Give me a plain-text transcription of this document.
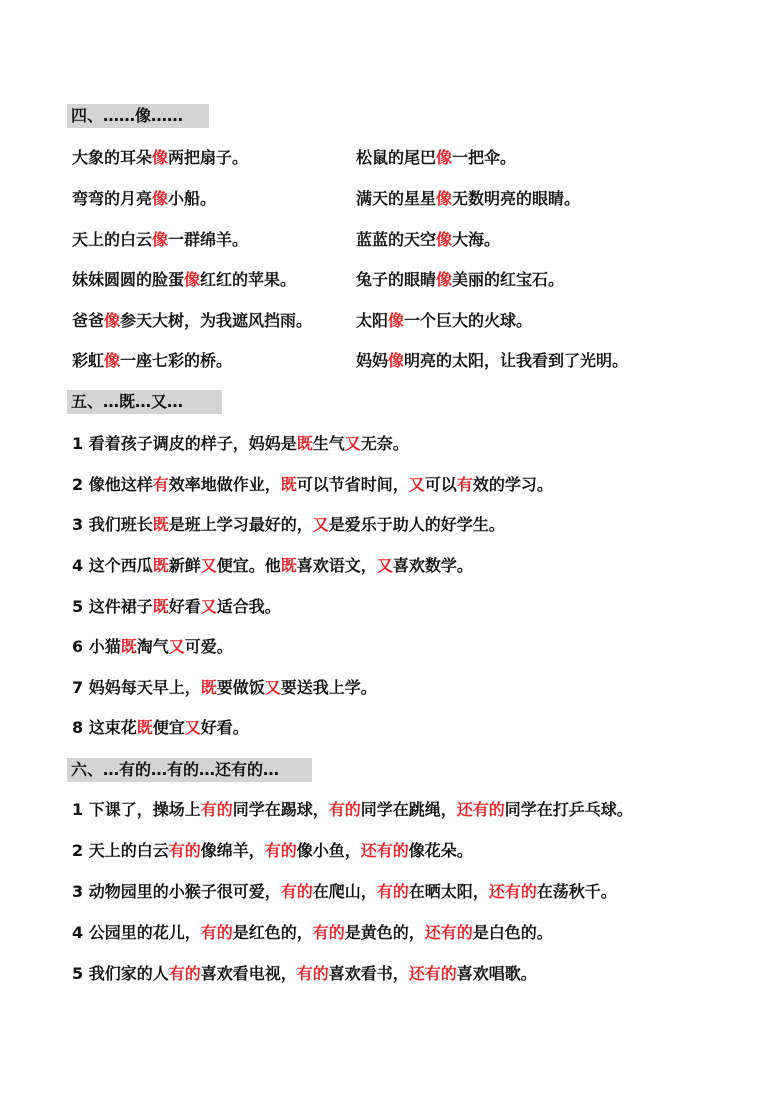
四、……像……
大象的耳朵像两把扇子。
弯弯的月亮像小船。
天上的白云像一群绵羊。
妹妹圆圆的脸蛋像红红的苹果。
爸爸像参天大树，为我遮风挡雨。
彩虹像一座七彩的桥。
松鼠的尾巴像一把伞。
满天的星星像无数明亮的眼睛。
蓝蓝的天空像大海。
兔子的眼睛像美丽的红宝石。
太阳像一个巨大的火球。
妈妈像明亮的太阳，让我看到了光明。
五、…既…又…
1 看着孩子调皮的样子，妈妈是既生气又无奈。
2 像他这样有效率地做作业，既可以节省时间，又可以有效的学习。
3 我们班长既是班上学习最好的，又是爱乐于助人的好学生。
4 这个西瓜既新鲜又便宜。他既喜欢语文，又喜欢数学。
5 这件裙子既好看又适合我。
6 小猫既淘气又可爱。
7 妈妈每天早上，既要做饭又要送我上学。
8 这束花既便宜又好看。
六、…有的…有的…还有的…
1 下课了，操场上有的同学在踢球，有的同学在跳绳，还有的同学在打乒乓球。
2 天上的白云有的像绵羊，有的像小鱼，还有的像花朵。
3 动物园里的小猴子很可爱，有的在爬山，有的在晒太阳，还有的在荡秋千。
4 公园里的花儿，有的是红色的，有的是黄色的，还有的是白色的。
5 我们家的人有的喜欢看电视，有的喜欢看书，还有的喜欢唱歌。
